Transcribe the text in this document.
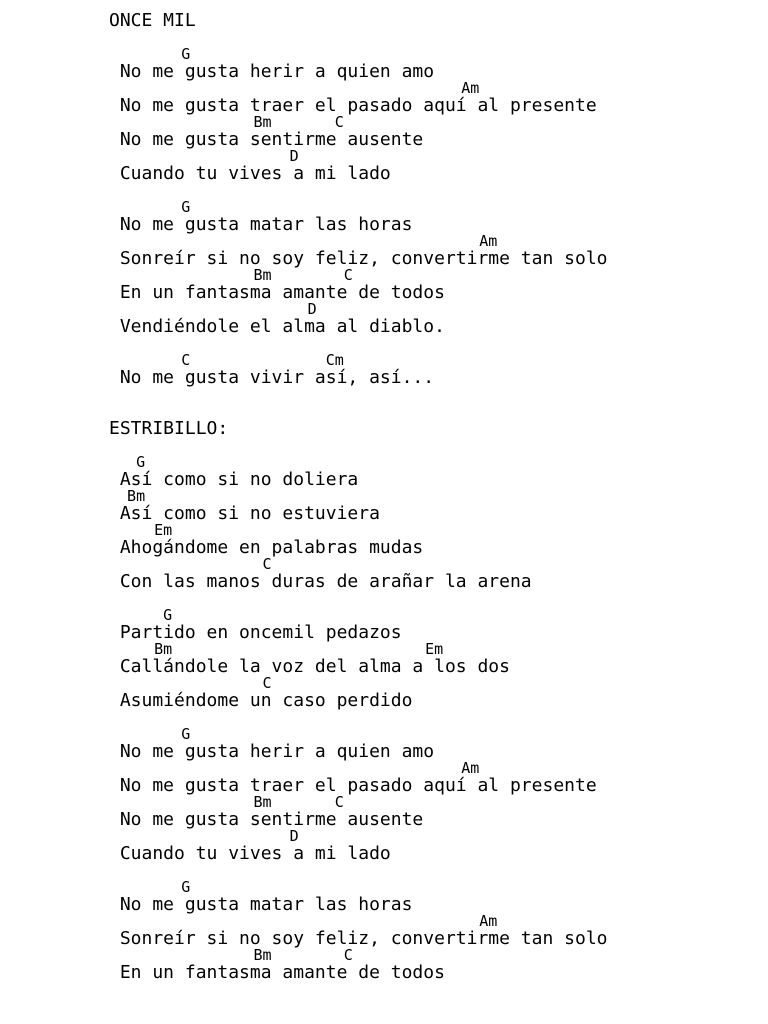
ONCE MIL
G
No me gusta herir a quien amo
Am
No me gusta traer el pasado aquí al presente
Bm       C
No me gusta sentirme ausente
D
Cuando tu vives a mi lado
G
No me gusta matar las horas
Am
Sonreír si no soy feliz, convertirme tan solo
Bm        C
En un fantasma amante de todos
D
Vendiéndole el alma al diablo.
C               Cm
No me gusta vivir así, así...
ESTRIBILLO:
G
Así como si no doliera
Bm
Así como si no estuviera
Em
Ahogándome en palabras mudas
C
Con las manos duras de arañar la arena
G
Partido en oncemil pedazos
Bm                            Em
Callándole la voz del alma a los dos
C
Asumiéndome un caso perdido
G
No me gusta herir a quien amo
Am
No me gusta traer el pasado aquí al presente
Bm       C
No me gusta sentirme ausente
D
Cuando tu vives a mi lado
G
No me gusta matar las horas
Am
Sonreír si no soy feliz, convertirme tan solo
Bm        C
En un fantasma amante de todos
